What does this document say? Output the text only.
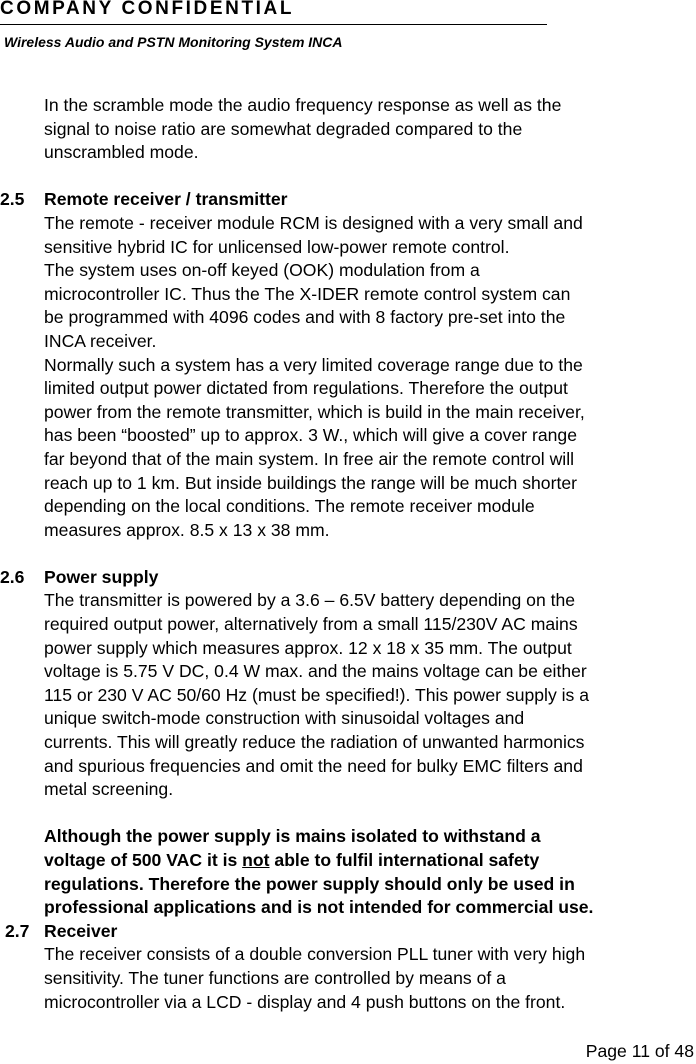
COMPANY CONFIDENTIAL
Wireless Audio and PSTN Monitoring System INCA
In the scramble mode the audio frequency response as well as the
signal to noise ratio are somewhat degraded compared to the
unscrambled mode.
2.5 Remote receiver / transmitter
The remote - receiver module RCM is designed with a very small and
sensitive hybrid IC for unlicensed low-power remote control.
The system uses on-off keyed (OOK) modulation from a
microcontroller IC. Thus the The X-IDER remote control system can
be programmed with 4096 codes and with 8 factory pre-set into the
INCA receiver.
Normally such a system has a very limited coverage range due to the
limited output power dictated from regulations. Therefore the output
power from the remote transmitter, which is build in the main receiver,
has been “boosted” up to approx. 3 W., which will give a cover range
far beyond that of the main system. In free air the remote control will
reach up to 1 km. But inside buildings the range will be much shorter
depending on the local conditions. The remote receiver module
measures approx. 8.5 x 13 x 38 mm.
2.6 Power supply
The transmitter is powered by a 3.6 – 6.5V battery depending on the
required output power, alternatively from a small 115/230V AC mains
power supply which measures approx. 12 x 18 x 35 mm. The output
voltage is 5.75 V DC, 0.4 W max. and the mains voltage can be either
115 or 230 V AC 50/60 Hz (must be specified!). This power supply is a
unique switch-mode construction with sinusoidal voltages and
currents. This will greatly reduce the radiation of unwanted harmonics
and spurious frequencies and omit the need for bulky EMC filters and
metal screening.
Although the power supply is mains isolated to withstand a
voltage of 500 VAC it is not able to fulfil international safety
regulations. Therefore the power supply should only be used in
professional applications and is not intended for commercial use.
2.7 Receiver
The receiver consists of a double conversion PLL tuner with very high
sensitivity. The tuner functions are controlled by means of a
microcontroller via a LCD - display and 4 push buttons on the front.
Page 11 of 48
